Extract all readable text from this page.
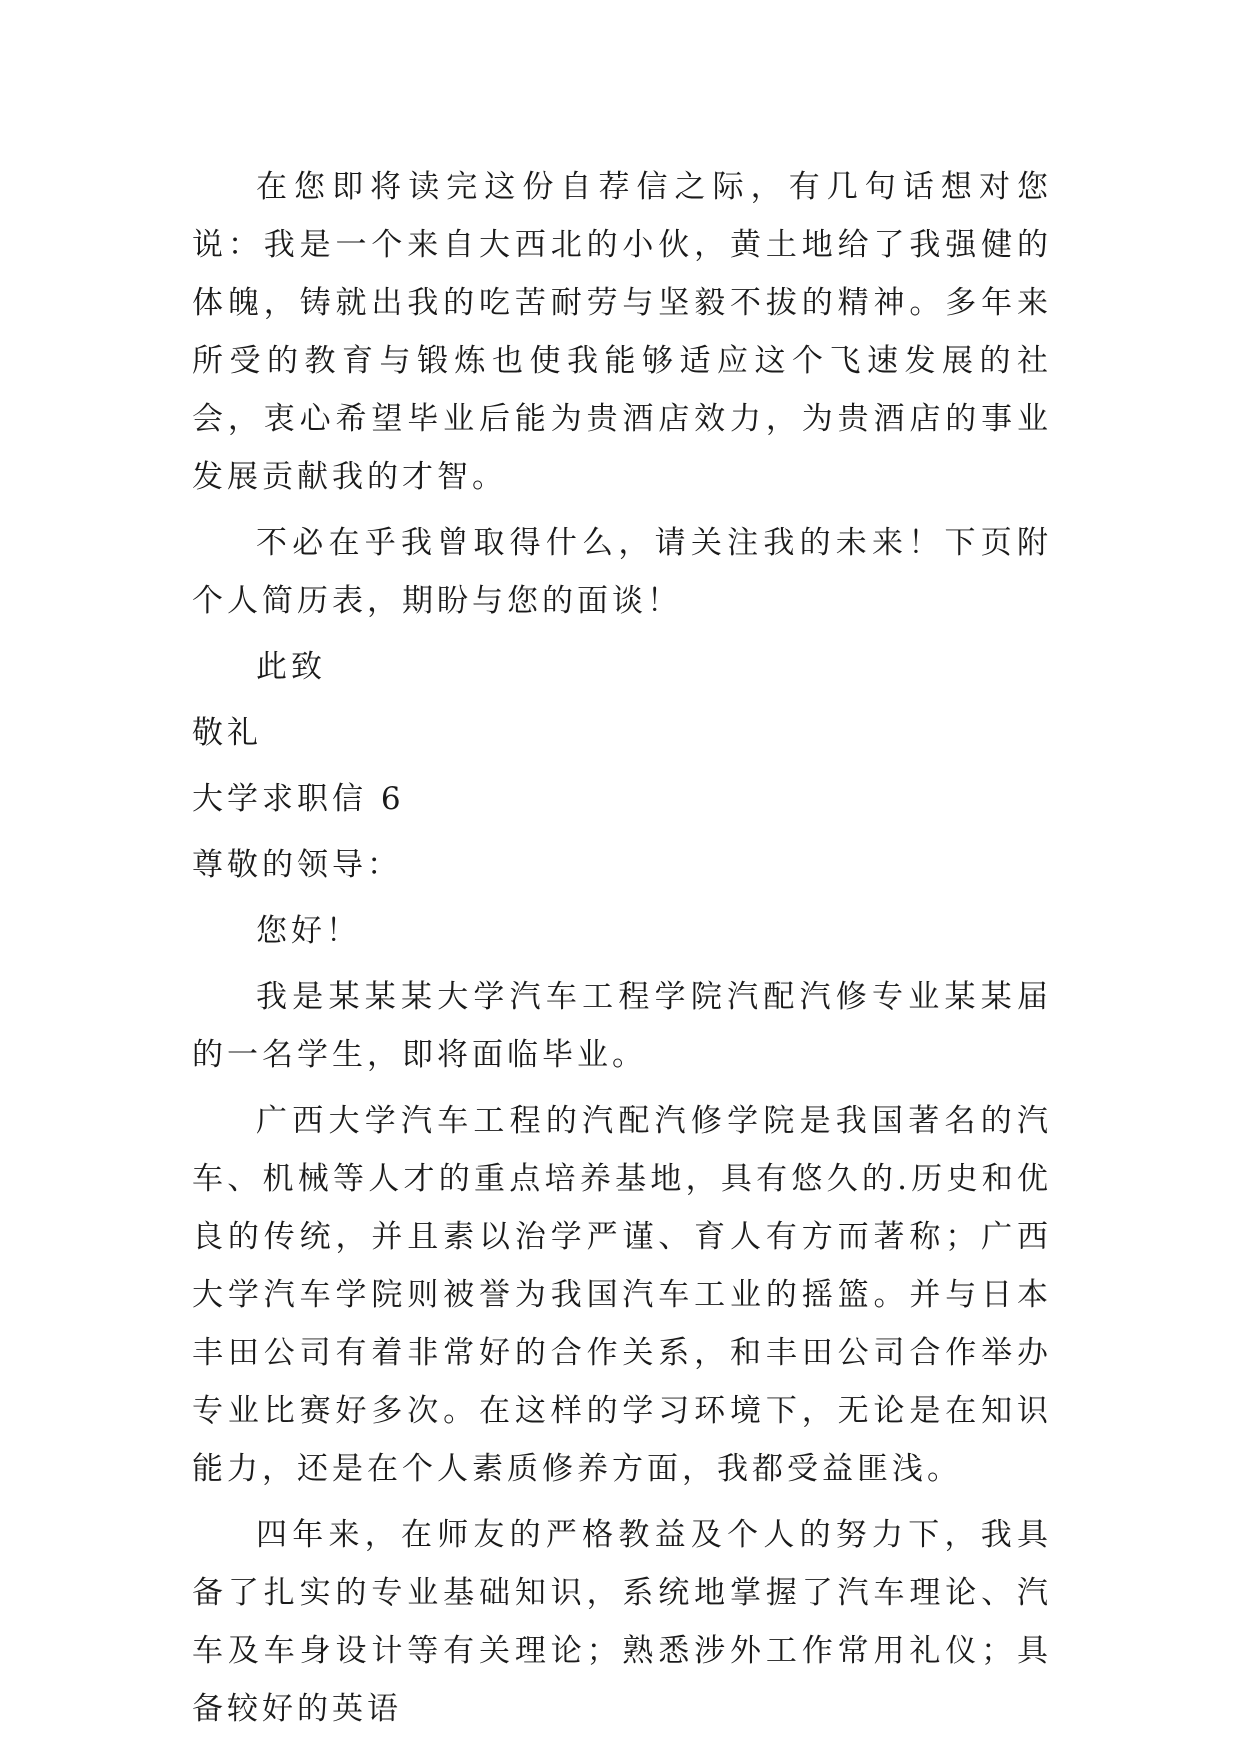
在您即将读完这份自荐信之际，有几句话想对您说：我是一个来自大西北的小伙，黄土地给了我强健的体魄，铸就出我的吃苦耐劳与坚毅不拔的精神。多年来所受的教育与锻炼也使我能够适应这个飞速发展的社会，衷心希望毕业后能为贵酒店效力，为贵酒店的事业发展贡献我的才智。

不必在乎我曾取得什么，请关注我的未来！下页附个人简历表，期盼与您的面谈！

此致

敬礼

大学求职信 6

尊敬的领导：

您好！

我是某某某大学汽车工程学院汽配汽修专业某某届的一名学生，即将面临毕业。

广西大学汽车工程的汽配汽修学院是我国著名的汽车、机械等人才的重点培养基地，具有悠久的.历史和优良的传统，并且素以治学严谨、育人有方而著称；广西大学汽车学院则被誉为我国汽车工业的摇篮。并与日本丰田公司有着非常好的合作关系，和丰田公司合作举办专业比赛好多次。在这样的学习环境下，无论是在知识能力，还是在个人素质修养方面，我都受益匪浅。

四年来，在师友的严格教益及个人的努力下，我具备了扎实的专业基础知识，系统地掌握了汽车理论、汽车及车身设计等有关理论；熟悉涉外工作常用礼仪；具备较好的英语
